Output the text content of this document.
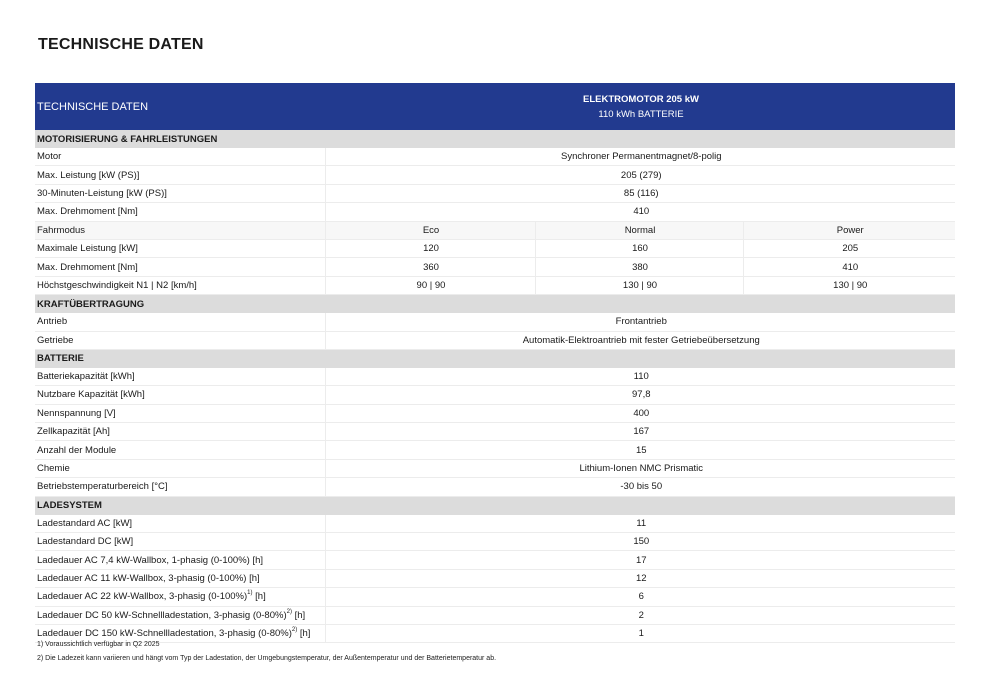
TECHNISCHE DATEN
TECHNISCHE DATEN	ELEKTROMOTOR 205 kW
110 kWh BATTERIE		

MOTORISIERUNG & FAHRLEISTUNGEN			
Motor	Synchroner Permanentmagnet/8-polig		
Max. Leistung [kW (PS)]	205 (279)		
30-Minuten-Leistung [kW (PS)]	85 (116)		
Max. Drehmoment [Nm]	410		
Fahrmodus	Eco	Normal	Power
Maximale Leistung [kW]	120	160	205
Max. Drehmoment [Nm]	360	380	410
Höchstgeschwindigkeit N1 | N2 [km/h]	90 | 90	130 | 90	130 | 90
KRAFTÜBERTRAGUNG			
Antrieb	Frontantrieb		
Getriebe	Automatik-Elektroantrieb mit fester Getriebeübersetzung		
BATTERIE			
Batteriekapazität [kWh]	110		
Nutzbare Kapazität [kWh]	97,8		
Nennspannung [V]	400		
Zellkapazität [Ah]	167		
Anzahl der Module	15		
Chemie	Lithium-Ionen NMC Prismatic		
Betriebstemperaturbereich [°C]	-30 bis 50		
LADESYSTEM			
Ladestandard AC [kW]	11		
Ladestandard DC [kW]	150		
Ladedauer AC 7,4 kW-Wallbox, 1-phasig (0-100%) [h]	17		
Ladedauer AC 11 kW-Wallbox, 3-phasig (0-100%) [h]	12		
Ladedauer AC 22 kW-Wallbox, 3-phasig $(0-100\%)^{1)}$ [h]	6		
Ladedauer DC 50 kW-Schnellladestation, 3-phasig $(0-80\%)^{2)}$ [h]	2		
Ladedauer DC 150 kW-Schnellladestation, 3-phasig $(0-80\%)^{2)}$ [h]	1		

1) Voraussichtlich verfügbar in Q2 2025

2) Die Ladezeit kann variieren und hängt vom Typ der Ladestation, der Umgebungstemperatur, der Außentemperatur und der Batterietemperatur ab.
